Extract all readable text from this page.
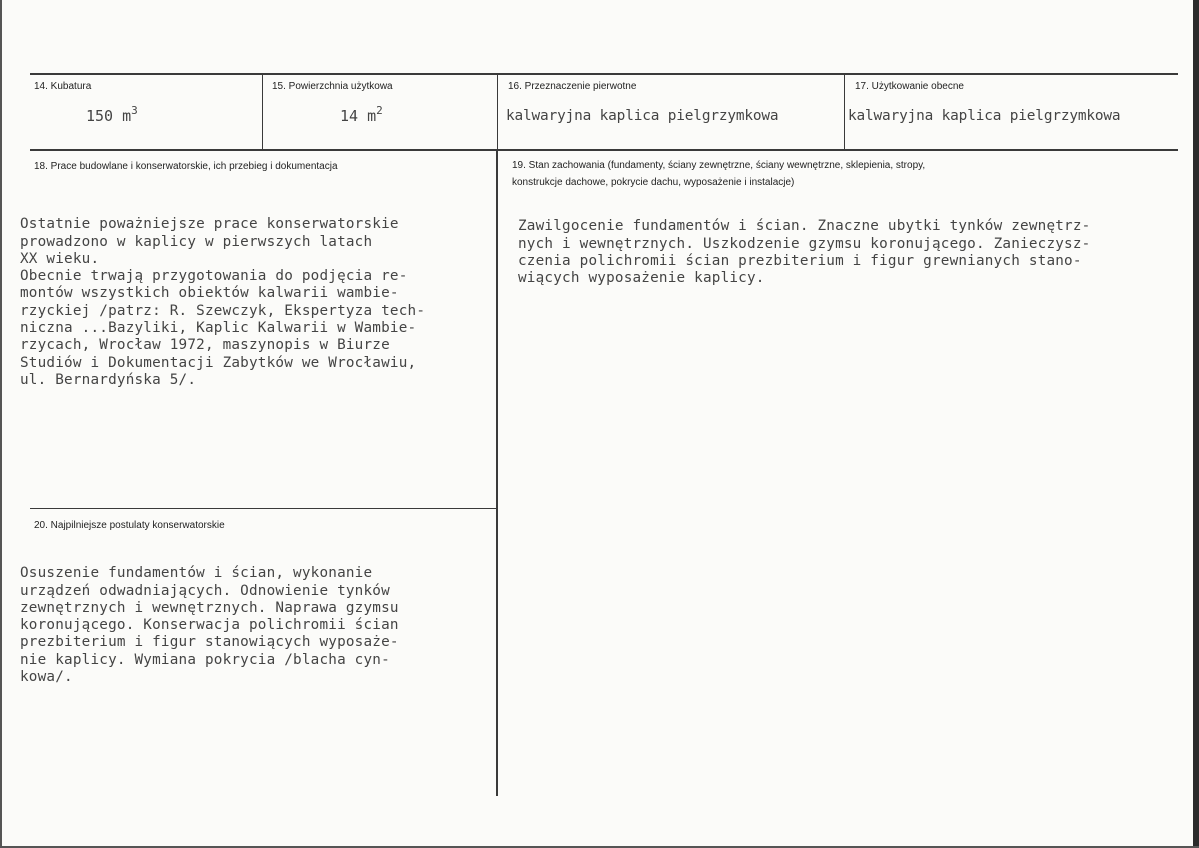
14. Kubatura
150 $m^3$
15. Powierzchnia użytkowa
14 $m^2$
16. Przeznaczenie pierwotne
kalwaryjna kaplica pielgrzymkowa
17. Użytkowanie obecne
kalwaryjna kaplica pielgrzymkowa
18. Prace budowlane i konserwatorskie, ich przebieg i dokumentacja

Ostatnie poważniejsze prace konserwatorskie
prowadzono w kaplicy w pierwszych latach
XX wieku.
Obecnie trwają przygotowania do podjęcia re-
montów wszystkich obiektów kalwarii wambie-
rzyckiej /patrz: R. Szewczyk, Ekspertyza tech-
niczna ...Bazyliki, Kaplic Kalwarii w Wambie-
rzycach, Wrocław 1972, maszynopis w Biurze
Studiów i Dokumentacji Zabytków we Wrocławiu,
ul. Bernardyńska 5/.
19. Stan zachowania (fundamenty, ściany zewnętrzne, ściany wewnętrzne, sklepienia, stropy,
konstrukcje dachowe, pokrycie dachu, wyposażenie i instalacje)

Zawilgocenie fundamentów i ścian. Znaczne ubytki tynków zewnętrz-
nych i wewnętrznych. Uszkodzenie gzymsu koronującego. Zanieczysz-
czenia polichromii ścian prezbiterium i figur grewnianych stano-
wiących wyposażenie kaplicy.
20. Najpilniejsze postulaty konserwatorskie

Osuszenie fundamentów i ścian, wykonanie
urządzeń odwadniających. Odnowienie tynków
zewnętrznych i wewnętrznych. Naprawa gzymsu
koronującego. Konserwacja polichromii ścian
prezbiterium i figur stanowiących wyposaże-
nie kaplicy. Wymiana pokrycia /blacha cyn-
kowa/.
